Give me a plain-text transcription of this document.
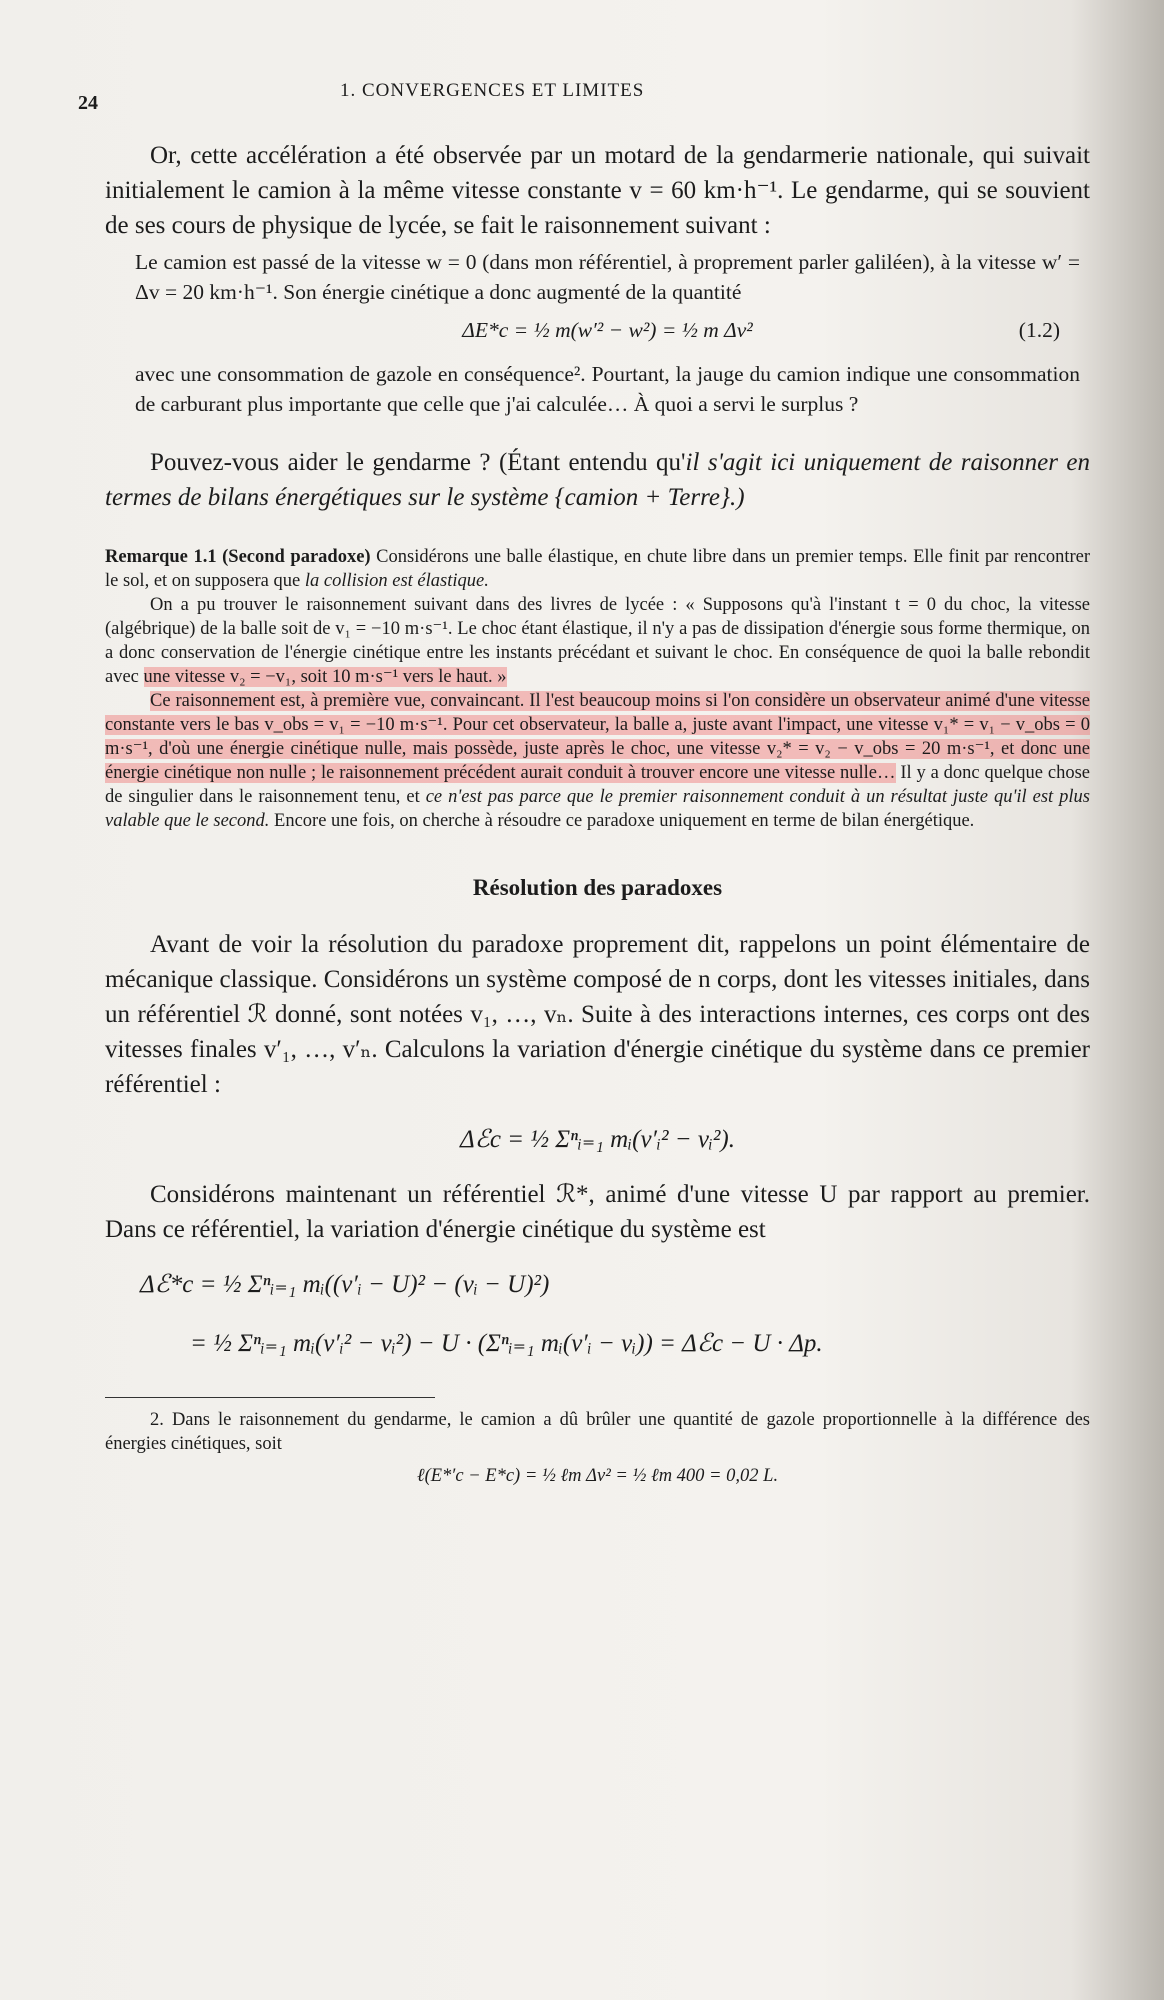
24
1. CONVERGENCES ET LIMITES

Or, cette accélération a été observée par un motard de la gendarmerie nationale, qui suivait initialement le camion à la même vitesse constante v = 60 km·h⁻¹. Le gendarme, qui se souvient de ses cours de physique de lycée, se fait le raisonnement suivant :

Le camion est passé de la vitesse w = 0 (dans mon référentiel, à proprement parler galiléen), à la vitesse w′ = Δv = 20 km·h⁻¹. Son énergie cinétique a donc augmenté de la quantité

ΔE*c = ½ m(w′² − w²) = ½ m Δv²	(1.2)

avec une consommation de gazole en conséquence². Pourtant, la jauge du camion indique une consommation de carburant plus importante que celle que j'ai calculée… À quoi a servi le surplus ?

Pouvez-vous aider le gendarme ? (Étant entendu qu'il s'agit ici uniquement de raisonner en termes de bilans énergétiques sur le système {camion + Terre}.)

Remarque 1.1 (Second paradoxe) Considérons une balle élastique, en chute libre dans un premier temps. Elle finit par rencontrer le sol, et on supposera que la collision est élastique.

On a pu trouver le raisonnement suivant dans des livres de lycée : « Supposons qu'à l'instant t = 0 du choc, la vitesse (algébrique) de la balle soit de v₁ = −10 m·s⁻¹. Le choc étant élastique, il n'y a pas de dissipation d'énergie sous forme thermique, on a donc conservation de l'énergie cinétique entre les instants précédant et suivant le choc. En conséquence de quoi la balle rebondit avec une vitesse v₂ = −v₁, soit 10 m·s⁻¹ vers le haut. »

Ce raisonnement est, à première vue, convaincant. Il l'est beaucoup moins si l'on considère un observateur animé d'une vitesse constante vers le bas v_obs = v₁ = −10 m·s⁻¹. Pour cet observateur, la balle a, juste avant l'impact, une vitesse v₁* = v₁ − v_obs = 0 m·s⁻¹, d'où une énergie cinétique nulle, mais possède, juste après le choc, une vitesse v₂* = v₂ − v_obs = 20 m·s⁻¹, et donc une énergie cinétique non nulle ; le raisonnement précédent aurait conduit à trouver encore une vitesse nulle… Il y a donc quelque chose de singulier dans le raisonnement tenu, et ce n'est pas parce que le premier raisonnement conduit à un résultat juste qu'il est plus valable que le second. Encore une fois, on cherche à résoudre ce paradoxe uniquement en terme de bilan énergétique.

Résolution des paradoxes

Avant de voir la résolution du paradoxe proprement dit, rappelons un point élémentaire de mécanique classique. Considérons un système composé de n corps, dont les vitesses initiales, dans un référentiel ℛ donné, sont notées v₁, …, vₙ. Suite à des interactions internes, ces corps ont des vitesses finales v′₁, …, v′ₙ. Calculons la variation d'énergie cinétique du système dans ce premier référentiel :

Δℰc = ½ Σⁿᵢ₌₁ mᵢ(v′ᵢ² − vᵢ²).

Considérons maintenant un référentiel ℛ*, animé d'une vitesse U par rapport au premier. Dans ce référentiel, la variation d'énergie cinétique du système est

Δℰ*c = ½ Σⁿᵢ₌₁ mᵢ((v′ᵢ − U)² − (vᵢ − U)²)
= ½ Σⁿᵢ₌₁ mᵢ(v′ᵢ² − vᵢ²) − U · (Σⁿᵢ₌₁ mᵢ(v′ᵢ − vᵢ)) = Δℰc − U · Δp.

2. Dans le raisonnement du gendarme, le camion a dû brûler une quantité de gazole proportionnelle à la différence des énergies cinétiques, soit

ℓ(E*′c − E*c) = ½ ℓm Δv² = ½ ℓm 400 = 0,02 L.
